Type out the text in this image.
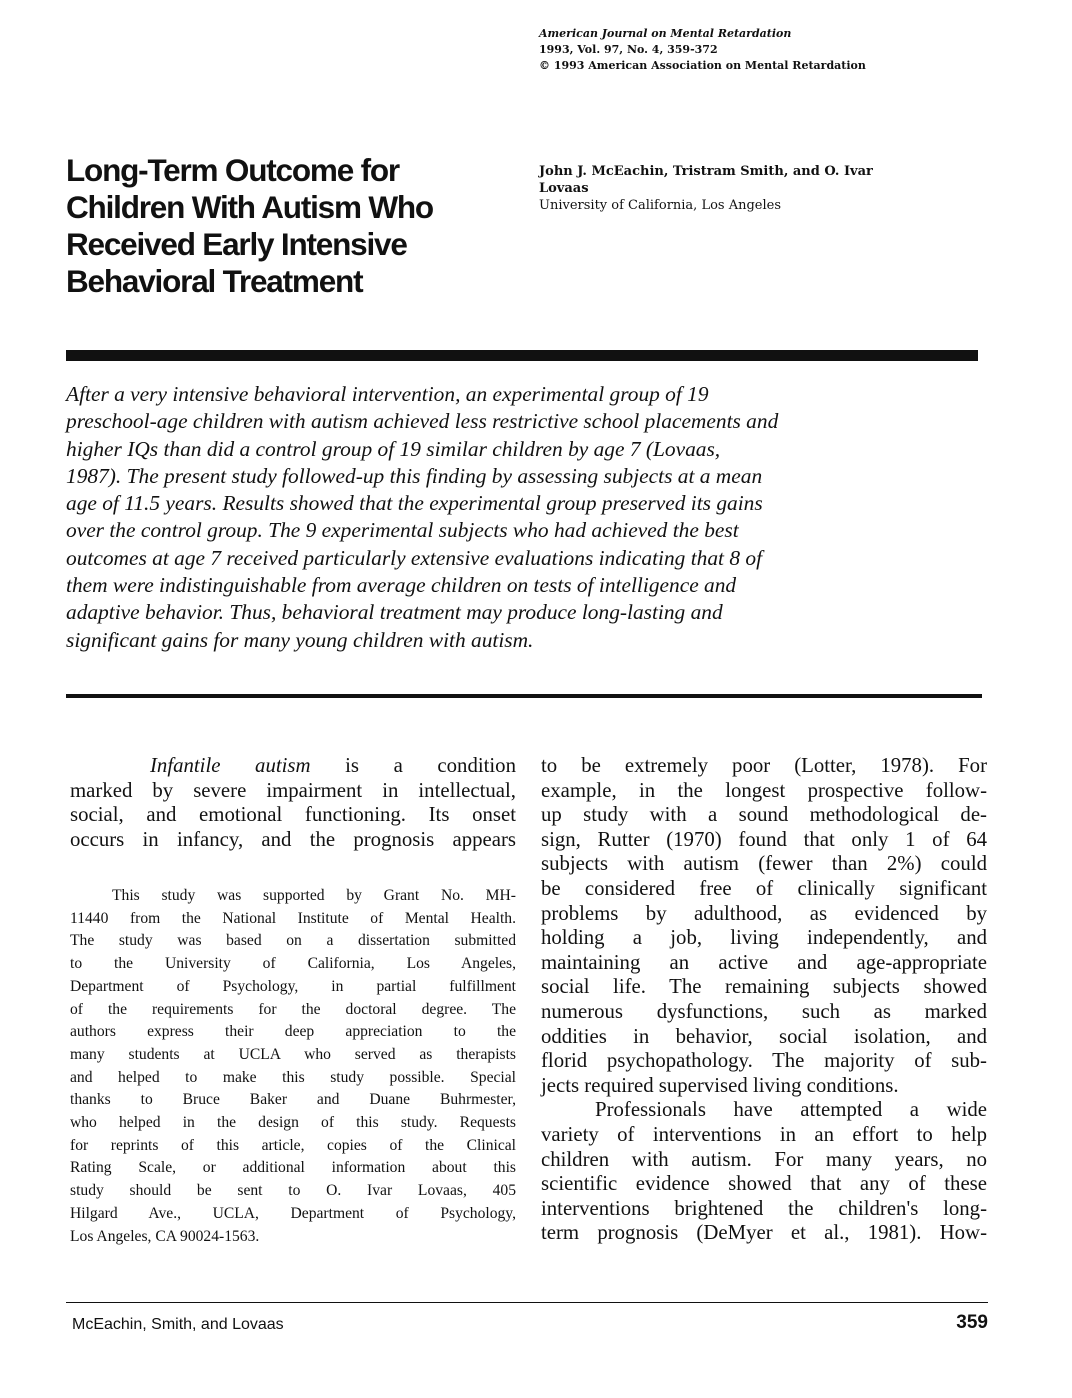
American Journal on Mental Retardation
1993, Vol. 97, No. 4, 359-372
© 1993 American Association on Mental Retardation
Long-Term Outcome for
Children With Autism Who
Received Early Intensive
Behavioral Treatment
John J. McEachin, Tristram Smith, and O. Ivar
Lovaas
University of California, Los Angeles
After a very intensive behavioral intervention, an experimental group of 19
preschool-age children with autism achieved less restrictive school placements and
higher IQs than did a control group of 19 similar children by age 7 (Lovaas,
1987). The present study followed-up this finding by assessing subjects at a mean
age of 11.5 years. Results showed that the experimental group preserved its gains
over the control group. The 9 experimental subjects who had achieved the best
outcomes at age 7 received particularly extensive evaluations indicating that 8 of
them were indistinguishable from average children on tests of intelligence and
adaptive behavior. Thus, behavioral treatment may produce long-lasting and
significant gains for many young children with autism.
Infantile autism is a condition
marked by severe impairment in intellectual,
social, and emotional functioning. Its onset
occurs in infancy, and the prognosis appears
This study was supported by Grant No. MH-
11440 from the National Institute of Mental Health.
The study was based on a dissertation submitted
to the University of California, Los Angeles,
Department of Psychology, in partial fulfillment
of the requirements for the doctoral degree. The
authors express their deep appreciation to the
many students at UCLA who served as therapists
and helped to make this study possible. Special
thanks to Bruce Baker and Duane Buhrmester,
who helped in the design of this study. Requests
for reprints of this article, copies of the Clinical
Rating Scale, or additional information about this
study should be sent to O. Ivar Lovaas, 405
Hilgard Ave., UCLA, Department of Psychology,
Los Angeles, CA 90024-1563.
to be extremely poor (Lotter, 1978). For
example, in the longest prospective follow-
up study with a sound methodological de-
sign, Rutter (1970) found that only 1 of 64
subjects with autism (fewer than 2%) could
be considered free of clinically significant
problems by adulthood, as evidenced by
holding a job, living independently, and
maintaining an active and age-appropriate
social life. The remaining subjects showed
numerous dysfunctions, such as marked
oddities in behavior, social isolation, and
florid psychopathology. The majority of sub-
jects required supervised living conditions.
Professionals have attempted a wide
variety of interventions in an effort to help
children with autism. For many years, no
scientific evidence showed that any of these
interventions brightened the children's long-
term prognosis (DeMyer et al., 1981). How-
McEachin, Smith, and Lovaas	359
